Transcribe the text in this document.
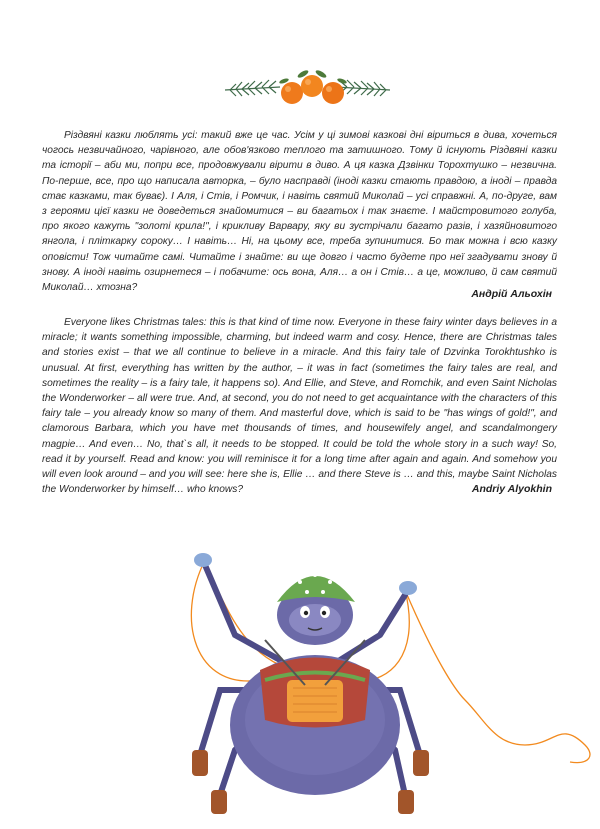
Різдвяні казки люблять усі: такий вже це час. Усім у ці зимові казкові дні віриться в дива, хочеться чогось незвичайного, чарівного, але обов'язково теплого та затишного. Тому й існують Різдвяні казки та історії – аби ми, попри все, продовжували вірити в диво. А ця казка Дзвінки Торохтушко – незвична. По-перше, все, про що написала авторка, – було насправді (іноді казки стають правдою, а іноді – правда стає казками, так буває). І Аля, і Стів, і Ромчик, і навіть святий Миколай – усі справжні. А, по-друге, вам з героями цієї казки не доведеться знайомитися – ви багатьох і так знаєте. І майстровитого голуба, про якого кажуть "золоті крила!", і крикливу Варвару, яку ви зустрічали багато разів, і хазяйновитого янгола, і пліткарку сороку… І навіть… Ні, на цьому все, треба зупинитися. Бо так можна і всю казку оповісти! Тож читайте самі. Читайте і знайте: ви ще довго і часто будете про неї згадувати знову й знову. А іноді навіть озирнетеся – і побачите: ось вона, Аля… а он і Стів… а це, можливо, й сам святий Миколай… хтозна?

Андрій Альохін

Everyone likes Christmas tales: this is that kind of time now. Everyone in these fairy winter days believes in a miracle; it wants something impossible, charming, but indeed warm and cosy. Hence, there are Christmas tales and stories exist – that we all continue to believe in a miracle. And this fairy tale of Dzvinka Torokhtushko is unusual. At first, everything has written by the author, – it was in fact (sometimes the fairy tales are real, and sometimes the reality – is a fairy tale, it happens so). And Ellie, and Steve, and Romchik, and even Saint Nicholas the Wonderworker – all were true. And, at second, you do not need to get acquaintance with the characters of this fairy tale – you already know so many of them. And masterful dove, which is said to be "has wings of gold!", and clamorous Barbara, which you have met thousands of times, and housewifely angel, and scandalmongery magpie… And even… No, that`s all, it needs to be stopped. It could be told the whole story in a such way! So, read it by yourself. Read and know: you will reminisce it for a long time after again and again. And somehow you will even look around – and you will see: here she is, Ellie … and there Steve is … and this, maybe Saint Nicholas the Wonderworker by himself… who knows?	Andriy Alyokhin
